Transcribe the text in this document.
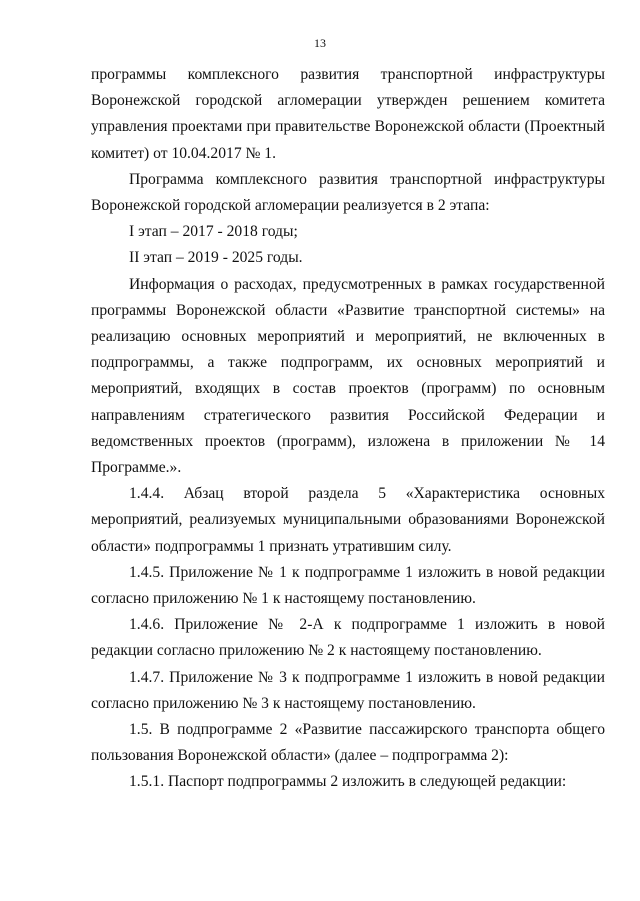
13

программы комплексного развития транспортной инфраструктуры Воронежской городской агломерации утвержден решением комитета управления проектами при правительстве Воронежской области (Проектный комитет) от 10.04.2017 № 1.

Программа комплексного развития транспортной инфраструктуры Воронежской городской агломерации реализуется в 2 этапа:

I этап – 2017 - 2018 годы;

II этап – 2019 - 2025 годы.

Информация о расходах, предусмотренных в рамках государственной программы Воронежской области «Развитие транспортной системы» на реализацию основных мероприятий и мероприятий, не включенных в подпрограммы, а также подпрограмм, их основных мероприятий и мероприятий, входящих в состав проектов (программ) по основным направлениям стратегического развития Российской Федерации и ведомственных проектов (программ), изложена в приложении № 14 Программе.».

1.4.4. Абзац второй раздела 5 «Характеристика основных мероприятий, реализуемых муниципальными образованиями Воронежской области» подпрограммы 1 признать утратившим силу.

1.4.5. Приложение № 1 к подпрограмме 1 изложить в новой редакции согласно приложению № 1 к настоящему постановлению.

1.4.6. Приложение № 2-А к подпрограмме 1 изложить в новой редакции согласно приложению № 2 к настоящему постановлению.

1.4.7. Приложение № 3 к подпрограмме 1 изложить в новой редакции согласно приложению № 3 к настоящему постановлению.

1.5. В подпрограмме 2 «Развитие пассажирского транспорта общего пользования Воронежской области» (далее – подпрограмма 2):

1.5.1. Паспорт подпрограммы 2 изложить в следующей редакции:
